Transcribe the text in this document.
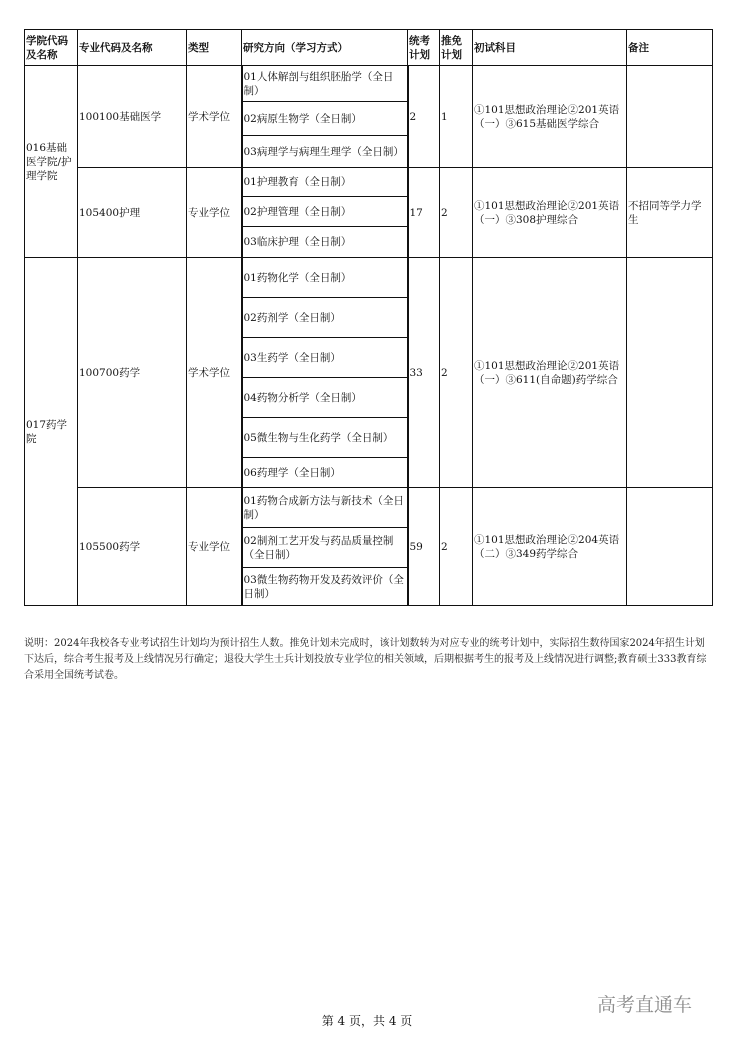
学院代码及名称	专业代码及名称	类型	研究方向（学习方式）	统考计划	推免计划	初试科目	备注
016基础医学院/护理学院	100100基础医学	学术学位	01人体解剖与组织胚胎学（全日制）	2	1	①101思想政治理论②201英语（一）③615基础医学综合	
			02病原生物学（全日制）				
			03病理学与病理生理学（全日制）				
	105400护理	专业学位	01护理教育（全日制）	17	2	①101思想政治理论②201英语（一）③308护理综合	不招同等学力学生
			02护理管理（全日制）				
			03临床护理（全日制）				
017药学院	100700药学	学术学位	01药物化学（全日制）	33	2	①101思想政治理论②201英语（一）③611(自命题)药学综合	
			02药剂学（全日制）				
			03生药学（全日制）				
			04药物分析学（全日制）				
			05微生物与生化药学（全日制）				
			06药理学（全日制）				
	105500药学	专业学位	01药物合成新方法与新技术（全日制）	59	2	①101思想政治理论②204英语（二）③349药学综合	
			02制剂工艺开发与药品质量控制（全日制）				
			03微生物药物开发及药效评价（全日制）				
说明：2024年我校各专业考试招生计划均为预计招生人数。推免计划未完成时，该计划数转为对应专业的统考计划中，实际招生数待国家2024年招生计划下达后，综合考生报考及上线情况另行确定；退役大学生士兵计划投放专业学位的相关领域，后期根据考生的报考及上线情况进行调整;教育硕士333教育综合采用全国统考试卷。
高考直通车
第 4 页，共 4 页
